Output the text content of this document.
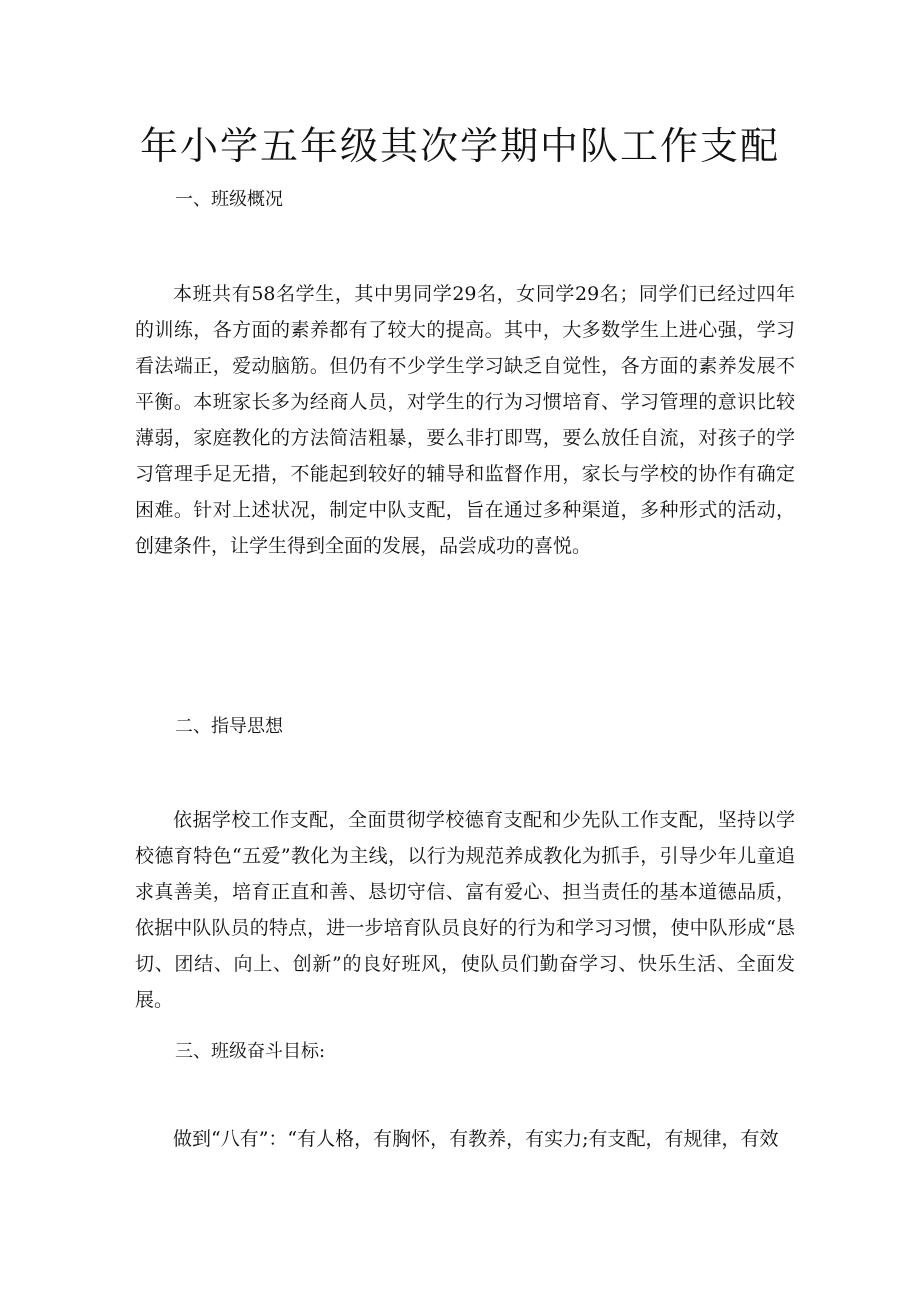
年小学五年级其次学期中队工作支配
一、班级概况

本班共有58名学生，其中男同学29名，女同学29名；同学们已经过四年的训练，各方面的素养都有了较大的提高。其中，大多数学生上进心强，学习看法端正，爱动脑筋。但仍有不少学生学习缺乏自觉性，各方面的素养发展不平衡。本班家长多为经商人员，对学生的行为习惯培育、学习管理的意识比较薄弱，家庭教化的方法简洁粗暴，要么非打即骂，要么放任自流，对孩子的学习管理手足无措，不能起到较好的辅导和监督作用，家长与学校的协作有确定困难。针对上述状况，制定中队支配，旨在通过多种渠道，多种形式的活动，创建条件，让学生得到全面的发展，品尝成功的喜悦。

二、指导思想

依据学校工作支配，全面贯彻学校德育支配和少先队工作支配，坚持以学校德育特色“五爱”教化为主线，以行为规范养成教化为抓手，引导少年儿童追求真善美，培育正直和善、恳切守信、富有爱心、担当责任的基本道德品质，依据中队队员的特点，进一步培育队员良好的行为和学习习惯，使中队形成“恳切、团结、向上、创新”的良好班风，使队员们勤奋学习、快乐生活、全面发展。

三、班级奋斗目标:

做到“八有”：“有人格，有胸怀，有教养，有实力;有支配，有规律，有效
